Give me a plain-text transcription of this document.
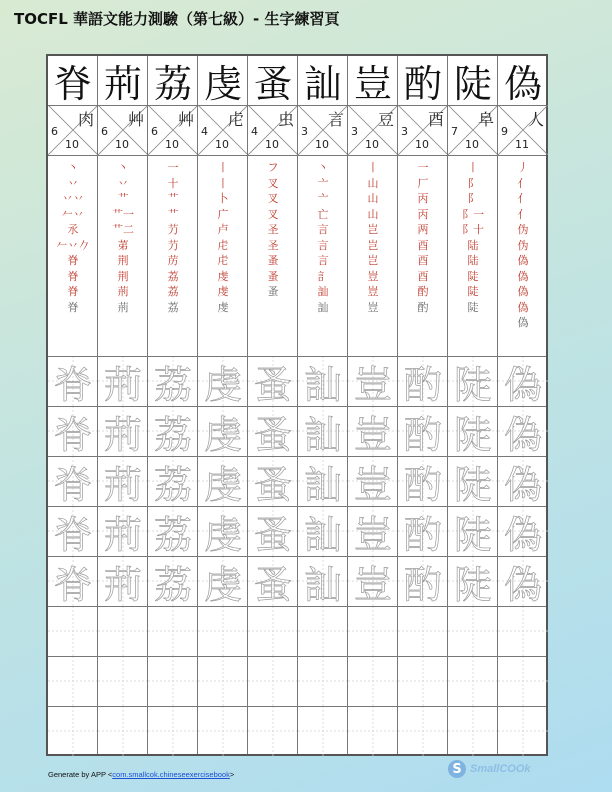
TOCFL 華語文能力測驗（第七級）- 生字練習頁
脊
肉
6
10
丶
丷
丷丷
𠂉丷
氶
𠂉丷𠂊
脊
脊
脊
脊
脊
脊
脊
脊
脊
荊
艸
6
10
丶
丷
艹
艹一
艹二
苐
荆
荆
荊
荊
荊
荊
荊
荊
荊
荔
艸
6
10
一
十
艹
艹
芀
芀
苈
荔
荔
荔
荔
荔
荔
荔
荔
虔
虍
4
10
丨
丨
卜
广
卢
虍
虍
虔
虔
虔
虔
虔
虔
虔
虔
蚤
虫
4
10
フ
叉
叉
叉
圣
圣
蚤
蚤
蚤
蚤
蚤
蚤
蚤
蚤
訕
言
3
10
丶
亠
亠
亡
言
言
言
訁
訕
訕
訕
訕
訕
訕
訕
豈
豆
3
10
丨
山
山
山
岂
岂
岂
豈
豈
豈
豈
豈
豈
豈
豈
酌
酉
3
10
一
厂
丙
丙
两
酉
酉
酉
酌
酌
酌
酌
酌
酌
酌
陡
阜
7
10
丨
阝
阝
阝一
阝十
陆
陆
陡
陡
陡
陡
陡
陡
陡
陡
偽
人
9
11
丿
亻
亻
亻
伪
伪
偽
偽
偽
偽
偽
偽
偽
偽
偽
偽
Generate by APP <com.smallcok.chineseexercisebook>	S SmallCOOk
